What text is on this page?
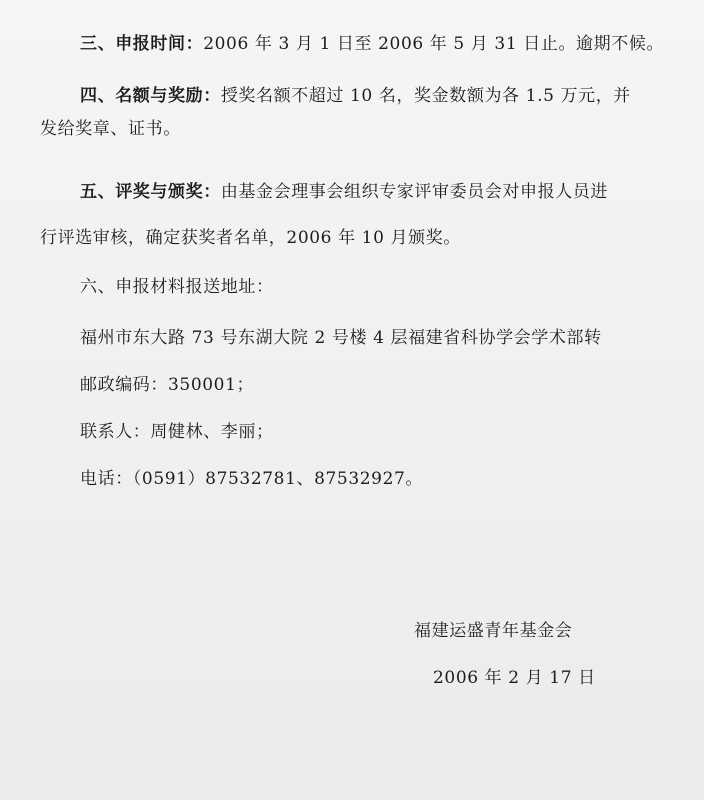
三、申报时间：2006 年 3 月 1 日至 2006 年 5 月 31 日止。逾期不候。
四、名额与奖励：授奖名额不超过 10 名，奖金数额为各 1.5 万元，并
发给奖章、证书。
五、评奖与颁奖：由基金会理事会组织专家评审委员会对申报人员进
行评选审核，确定获奖者名单，2006 年 10 月颁奖。
六、申报材料报送地址：
福州市东大路 73 号东湖大院 2 号楼 4 层福建省科协学会学术部转
邮政编码：350001；
联系人：周健林、李丽；
电话：（0591）87532781、87532927。
福建运盛青年基金会
2006 年 2 月 17 日
